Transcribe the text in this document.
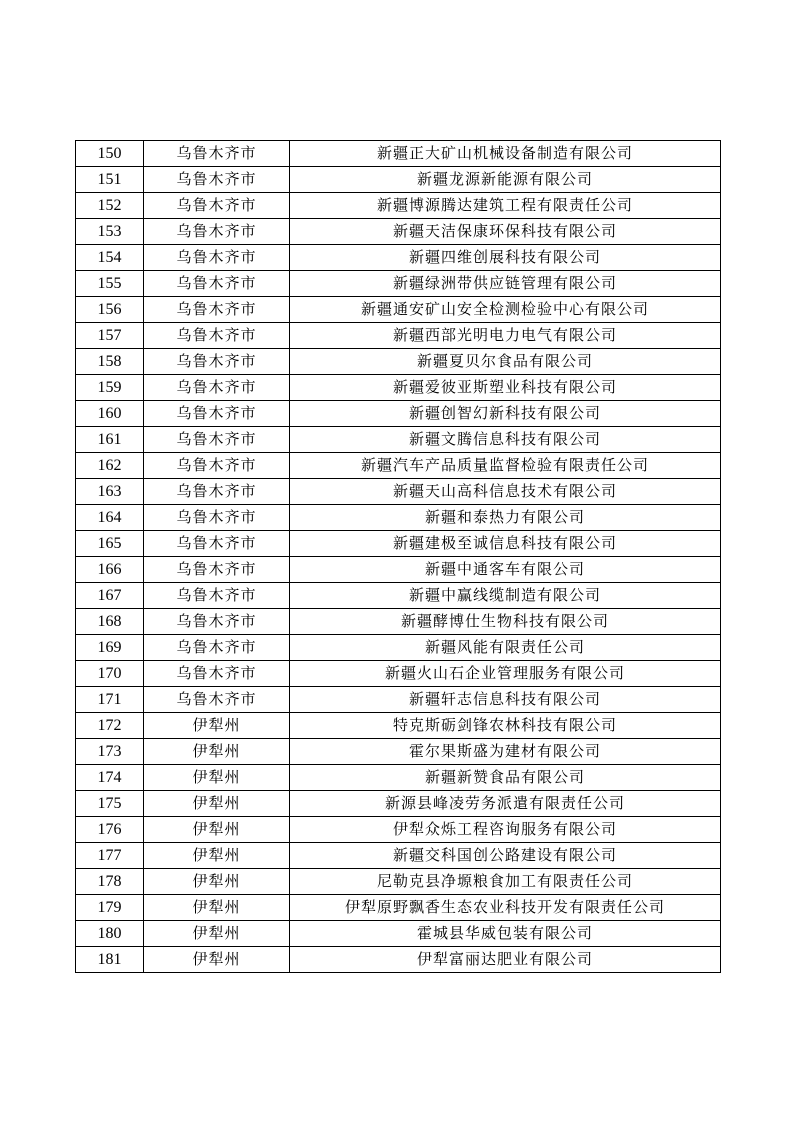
150	乌鲁木齐市	新疆正大矿山机械设备制造有限公司
151	乌鲁木齐市	新疆龙源新能源有限公司
152	乌鲁木齐市	新疆博源腾达建筑工程有限责任公司
153	乌鲁木齐市	新疆天洁保康环保科技有限公司
154	乌鲁木齐市	新疆四维创展科技有限公司
155	乌鲁木齐市	新疆绿洲带供应链管理有限公司
156	乌鲁木齐市	新疆通安矿山安全检测检验中心有限公司
157	乌鲁木齐市	新疆西部光明电力电气有限公司
158	乌鲁木齐市	新疆夏贝尔食品有限公司
159	乌鲁木齐市	新疆爱彼亚斯塑业科技有限公司
160	乌鲁木齐市	新疆创智幻新科技有限公司
161	乌鲁木齐市	新疆文腾信息科技有限公司
162	乌鲁木齐市	新疆汽车产品质量监督检验有限责任公司
163	乌鲁木齐市	新疆天山高科信息技术有限公司
164	乌鲁木齐市	新疆和泰热力有限公司
165	乌鲁木齐市	新疆建极至诚信息科技有限公司
166	乌鲁木齐市	新疆中通客车有限公司
167	乌鲁木齐市	新疆中赢线缆制造有限公司
168	乌鲁木齐市	新疆酵博仕生物科技有限公司
169	乌鲁木齐市	新疆风能有限责任公司
170	乌鲁木齐市	新疆火山石企业管理服务有限公司
171	乌鲁木齐市	新疆轩志信息科技有限公司
172	伊犁州	特克斯砺剑锋农林科技有限公司
173	伊犁州	霍尔果斯盛为建材有限公司
174	伊犁州	新疆新赞食品有限公司
175	伊犁州	新源县峰凌劳务派遣有限责任公司
176	伊犁州	伊犁众烁工程咨询服务有限公司
177	伊犁州	新疆交科国创公路建设有限公司
178	伊犁州	尼勒克县净塬粮食加工有限责任公司
179	伊犁州	伊犁原野飘香生态农业科技开发有限责任公司
180	伊犁州	霍城县华威包装有限公司
181	伊犁州	伊犁富丽达肥业有限公司
